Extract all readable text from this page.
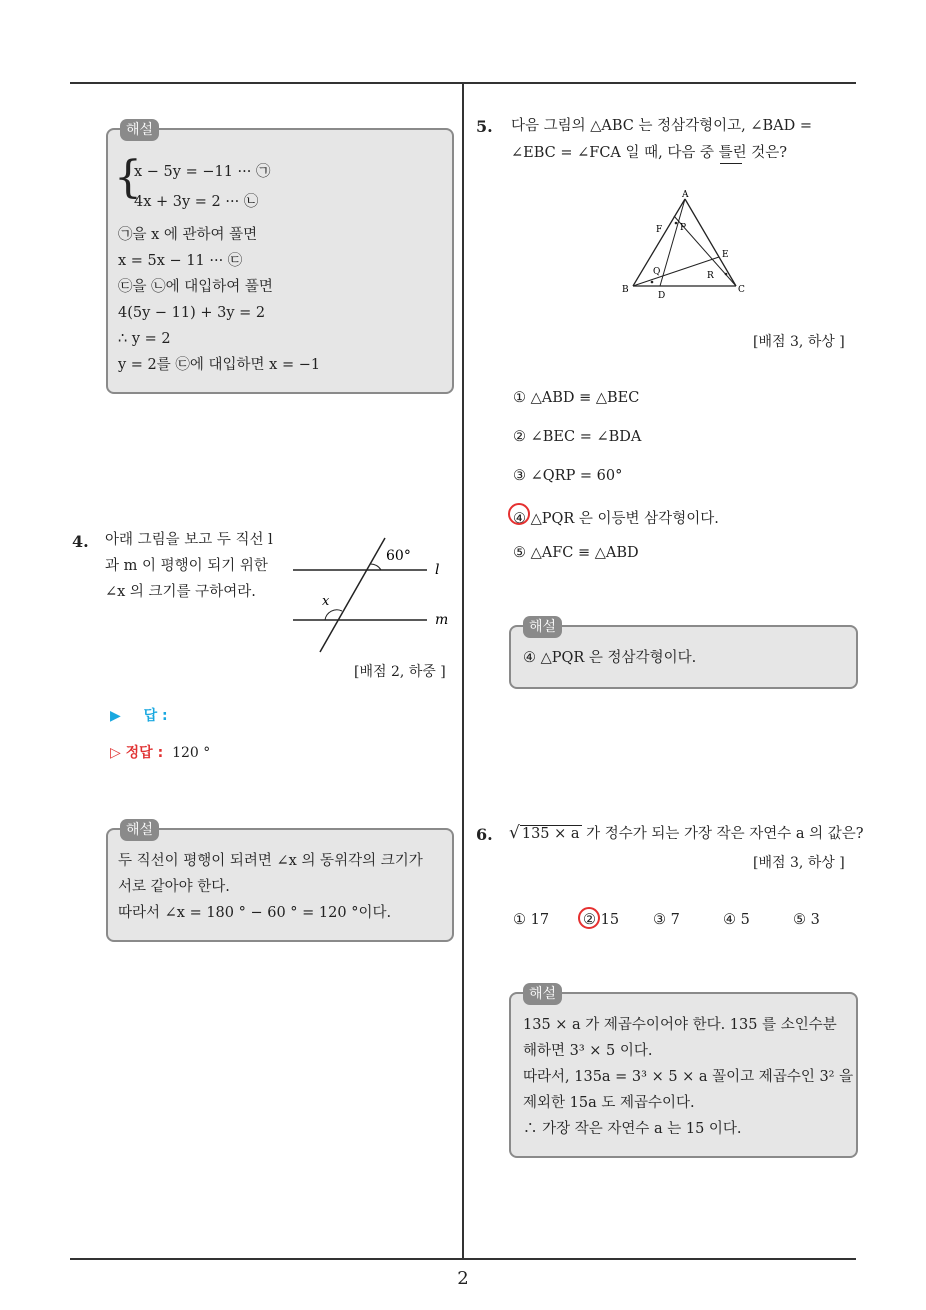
2
해설
{
x − 5y = −11 ··· ㉠
4x + 3y = 2 ··· ㉡
㉠을 x 에 관하여 풀면
x = 5x − 11 ··· ㉢
㉢을 ㉡에 대입하여 풀면
4(5y − 11) + 3y = 2
∴ y = 2
y = 2를 ㉢에 대입하면 x = −1
4. 아래 그림을 보고 두 직선 l
과 m 이 평행이 되기 위한
∠x 의 크기를 구하여라.
60°
x
l
m
[배점 2, 하중 ]
▶ 답 :
▷ 정답 : 120 °
해설
두 직선이 평행이 되려면 ∠x 의 동위각의 크기가
서로 같아야 한다.
따라서 ∠x = 180 ° − 60 ° = 120 °이다.
5. 다음 그림의 △ABC 는 정삼각형이고, ∠BAD =
∠EBC = ∠FCA 일 때, 다음 중 틀린 것은?
A
F P
E
Q	R
B
D
C
[배점 3, 하상 ]
① △ABD ≡ △BEC
② ∠BEC = ∠BDA
③ ∠QRP = 60°
④ △PQR 은 이등변 삼각형이다.
⑤ △AFC ≡ △ABD
해설
④ △PQR 은 정삼각형이다.
6. √ 135 × a 가 정수가 되는 가장 작은 자연수 a 의 값은?
[배점 3, 하상 ]
① 17 ② 15 ③ 7	④ 5	⑤ 3
해설
135 × a 가 제곱수이어야 한다. 135 를 소인수분
해하면 3³ × 5 이다.
따라서, 135a = 3³ × 5 × a 꼴이고 제곱수인 3² 을
제외한 15a 도 제곱수이다.
∴ 가장 작은 자연수 a 는 15 이다.
